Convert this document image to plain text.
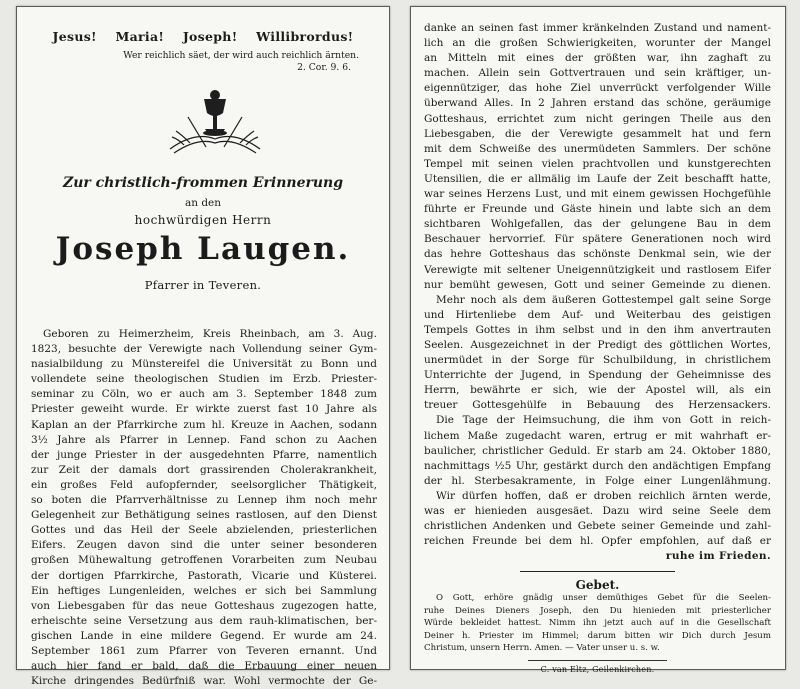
Jesus! Maria! Joseph! Willibrordus!
Wer reichlich säet, der wird auch reichlich ärnten.
2. Cor. 9. 6.
Zur christlich-frommen Erinnerung
an den
hochwürdigen Herrn
Joseph Laugen.
Pfarrer in Teveren.
Geboren zu Heimerzheim, Kreis Rheinbach, am 3. Aug.
1823, besuchte der Verewigte nach Vollendung seiner Gym-
nasialbildung zu Münstereifel die Universität zu Bonn und
vollendete seine theologischen Studien im Erzb. Priester-
seminar zu Cöln, wo er auch am 3. September 1848 zum
Priester geweiht wurde. Er wirkte zuerst fast 10 Jahre als
Kaplan an der Pfarrkirche zum hl. Kreuze in Aachen, sodann
3½ Jahre als Pfarrer in Lennep. Fand schon zu Aachen
der junge Priester in der ausgedehnten Pfarre, namentlich
zur Zeit der damals dort grassirenden Cholerakrankheit,
ein großes Feld aufopfernder, seelsorglicher Thätigkeit,
so boten die Pfarrverhältnisse zu Lennep ihm noch mehr
Gelegenheit zur Bethätigung seines rastlosen, auf den Dienst
Gottes und das Heil der Seele abzielenden, priesterlichen
Eifers. Zeugen davon sind die unter seiner besonderen
großen Mühewaltung getroffenen Vorarbeiten zum Neubau
der dortigen Pfarrkirche, Pastorath, Vicarie und Küsterei.
Ein heftiges Lungenleiden, welches er sich bei Sammlung
von Liebesgaben für das neue Gotteshaus zugezogen hatte,
erheischte seine Versetzung aus dem rauh-klimatischen, ber-
gischen Lande in eine mildere Gegend. Er wurde am 24.
September 1861 zum Pfarrer von Teveren ernannt. Und
auch hier fand er bald, daß die Erbauung einer neuen
Kirche dringendes Bedürfniß war. Wohl vermochte der Ge-
danke an seinen fast immer kränkelnden Zustand und nament-
lich an die großen Schwierigkeiten, worunter der Mangel
an Mitteln mit eines der größten war, ihn zaghaft zu
machen. Allein sein Gottvertrauen und sein kräftiger, un-
eigennütziger, das hohe Ziel unverrückt verfolgender Wille
überwand Alles. In 2 Jahren erstand das schöne, geräumige
Gotteshaus, errichtet zum nicht geringen Theile aus den
Liebesgaben, die der Verewigte gesammelt hat und fern
mit dem Schweiße des unermüdeten Sammlers. Der schöne
Tempel mit seinen vielen prachtvollen und kunstgerechten
Utensilien, die er allmälig im Laufe der Zeit beschafft hatte,
war seines Herzens Lust, und mit einem gewissen Hochgefühle
führte er Freunde und Gäste hinein und labte sich an dem
sichtbaren Wohlgefallen, das der gelungene Bau in dem
Beschauer hervorrief. Für spätere Generationen noch wird
das hehre Gotteshaus das schönste Denkmal sein, wie der
Verewigte mit seltener Uneigennützigkeit und rastlosem Eifer
nur bemüht gewesen, Gott und seiner Gemeinde zu dienen.
Mehr noch als dem äußeren Gottestempel galt seine Sorge
und Hirtenliebe dem Auf- und Weiterbau des geistigen
Tempels Gottes in ihm selbst und in den ihm anvertrauten
Seelen. Ausgezeichnet in der Predigt des göttlichen Wortes,
unermüdet in der Sorge für Schulbildung, in christlichem
Unterrichte der Jugend, in Spendung der Geheimnisse des
Herrn, bewährte er sich, wie der Apostel will, als ein
treuer Gottesgehülfe in Bebauung des Herzensackers.
Die Tage der Heimsuchung, die ihm von Gott in reich-
lichem Maße zugedacht waren, ertrug er mit wahrhaft er-
baulicher, christlicher Geduld. Er starb am 24. Oktober 1880,
nachmittags ½5 Uhr, gestärkt durch den andächtigen Empfang
der hl. Sterbesakramente, in Folge einer Lungenlähmung.
Wir dürfen hoffen, daß er droben reichlich ärnten werde,
was er hienieden ausgesäet. Dazu wird seine Seele dem
christlichen Andenken und Gebete seiner Gemeinde und zahl-
reichen Freunde bei dem hl. Opfer empfohlen, auf daß er
ruhe im Frieden.
Gebet.
O Gott, erhöre gnädig unser demüthiges Gebet für die Seelen-
ruhe Deines Dieners Joseph, den Du hienieden mit priesterlicher
Würde bekleidet hattest. Nimm ihn jetzt auch auf in die Gesellschaft
Deiner h. Priester im Himmel; darum bitten wir Dich durch Jesum
Christum, unsern Herrn. Amen. — Vater unser u. s. w.
C. van Eltz, Geilenkirchen.
